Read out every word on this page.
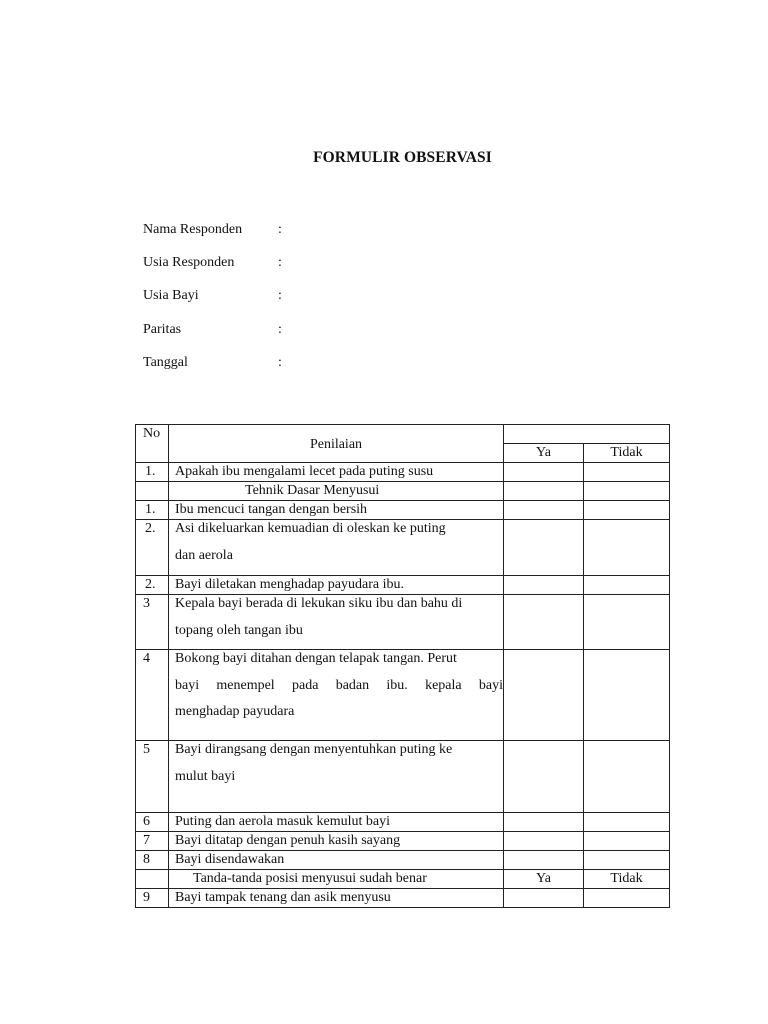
FORMULIR OBSERVASI
Nama Responden	:
Usia Responden	:
Usia Bayi	:
Paritas	:
Tanggal	:
No	Penilaian		
		Ya	Tidak
1.	Apakah ibu mengalami lecet pada puting susu		
	Tehnik Dasar Menyusui		
1.	Ibu mencuci tangan dengan bersih		
2.	Asi dikeluarkan kemuadian di oleskan ke puting
dan aerola		

2.	Bayi diletakan menghadap payudara ibu.		
3	Kepala bayi berada di lekukan siku ibu dan bahu di
topang oleh tangan ibu		

4	Bokong bayi ditahan dengan telapak tangan. Perut
bayi menempel pada badan ibu. kepala bayi
menghadap payudara		

5	Bayi dirangsang dengan menyentuhkan puting ke
mulut bayi		

6	Puting dan aerola masuk kemulut bayi		
7	Bayi ditatap dengan penuh kasih sayang		
8	Bayi disendawakan		
	Tanda-tanda posisi menyusui sudah benar	Ya	Tidak
9	Bayi tampak tenang dan asik menyusu		
